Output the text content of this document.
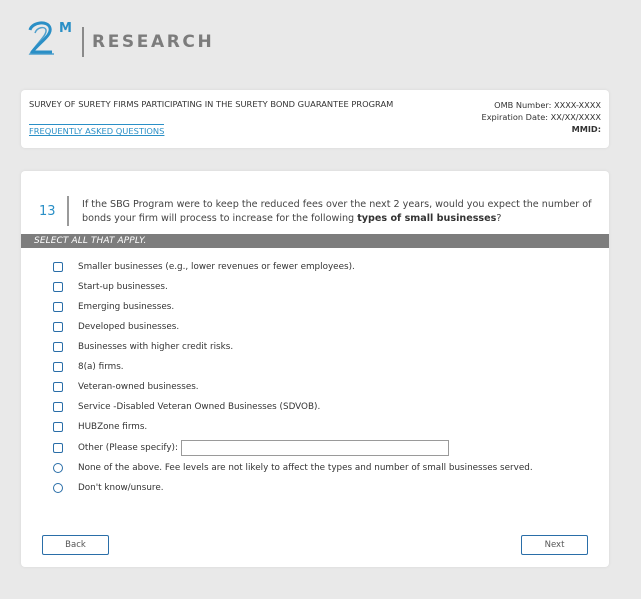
M
RESEARCH
SURVEY OF SURETY FIRMS PARTICIPATING IN THE SURETY BOND GUARANTEE PROGRAM
FREQUENTLY ASKED QUESTIONS
OMB Number: XXXX-XXXX
Expiration Date: XX/XX/XXXX
MMID:
13	If the SBG Program were to keep the reduced fees over the next 2 years, would you expect the number of bonds your firm will process to increase for the following types of small businesses?
SELECT ALL THAT APPLY.
Smaller businesses (e.g., lower revenues or fewer employees).
Start-up businesses.
Emerging businesses.
Developed businesses.
Businesses with higher credit risks.
8(a) firms.
Veteran-owned businesses.
Service -Disabled Veteran Owned Businesses (SDVOB).
HUBZone firms.
Other (Please specify):
None of the above. Fee levels are not likely to affect the types and number of small businesses served.
Don't know/unsure.
Back	Next
